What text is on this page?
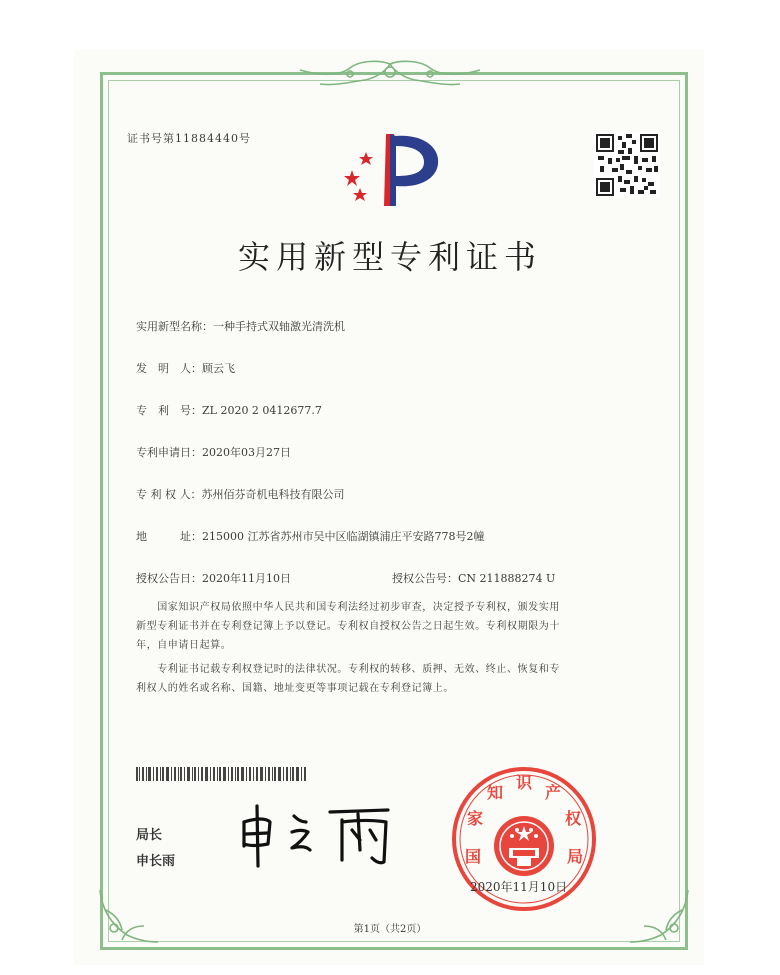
证书号第11884440号
实用新型专利证书
实用新型名称：一种手持式双轴激光清洗机
发　明　人：顾云飞
专　利　号：ZL 2020 2 0412677.7
专利申请日：2020年03月27日
专 利 权 人：苏州佰芬奇机电科技有限公司
地　　　址：215000 江苏省苏州市吴中区临湖镇浦庄平安路778号2幢
授权公告日：2020年11月10日	授权公告号：CN 211888274 U
　　国家知识产权局依照中华人民共和国专利法经过初步审查，决定授予专利权，颁发实用
新型专利证书并在专利登记簿上予以登记。专利权自授权公告之日起生效。专利权期限为十
年，自申请日起算。
　　专利证书记载专利权登记时的法律状况。专利权的转移、质押、无效、终止、恢复和专
利权人的姓名或名称、国籍、地址变更等事项记载在专利登记簿上。
局长
申长雨	国
家
知
识
产
权
局
2020年11月10日
第1页（共2页）
